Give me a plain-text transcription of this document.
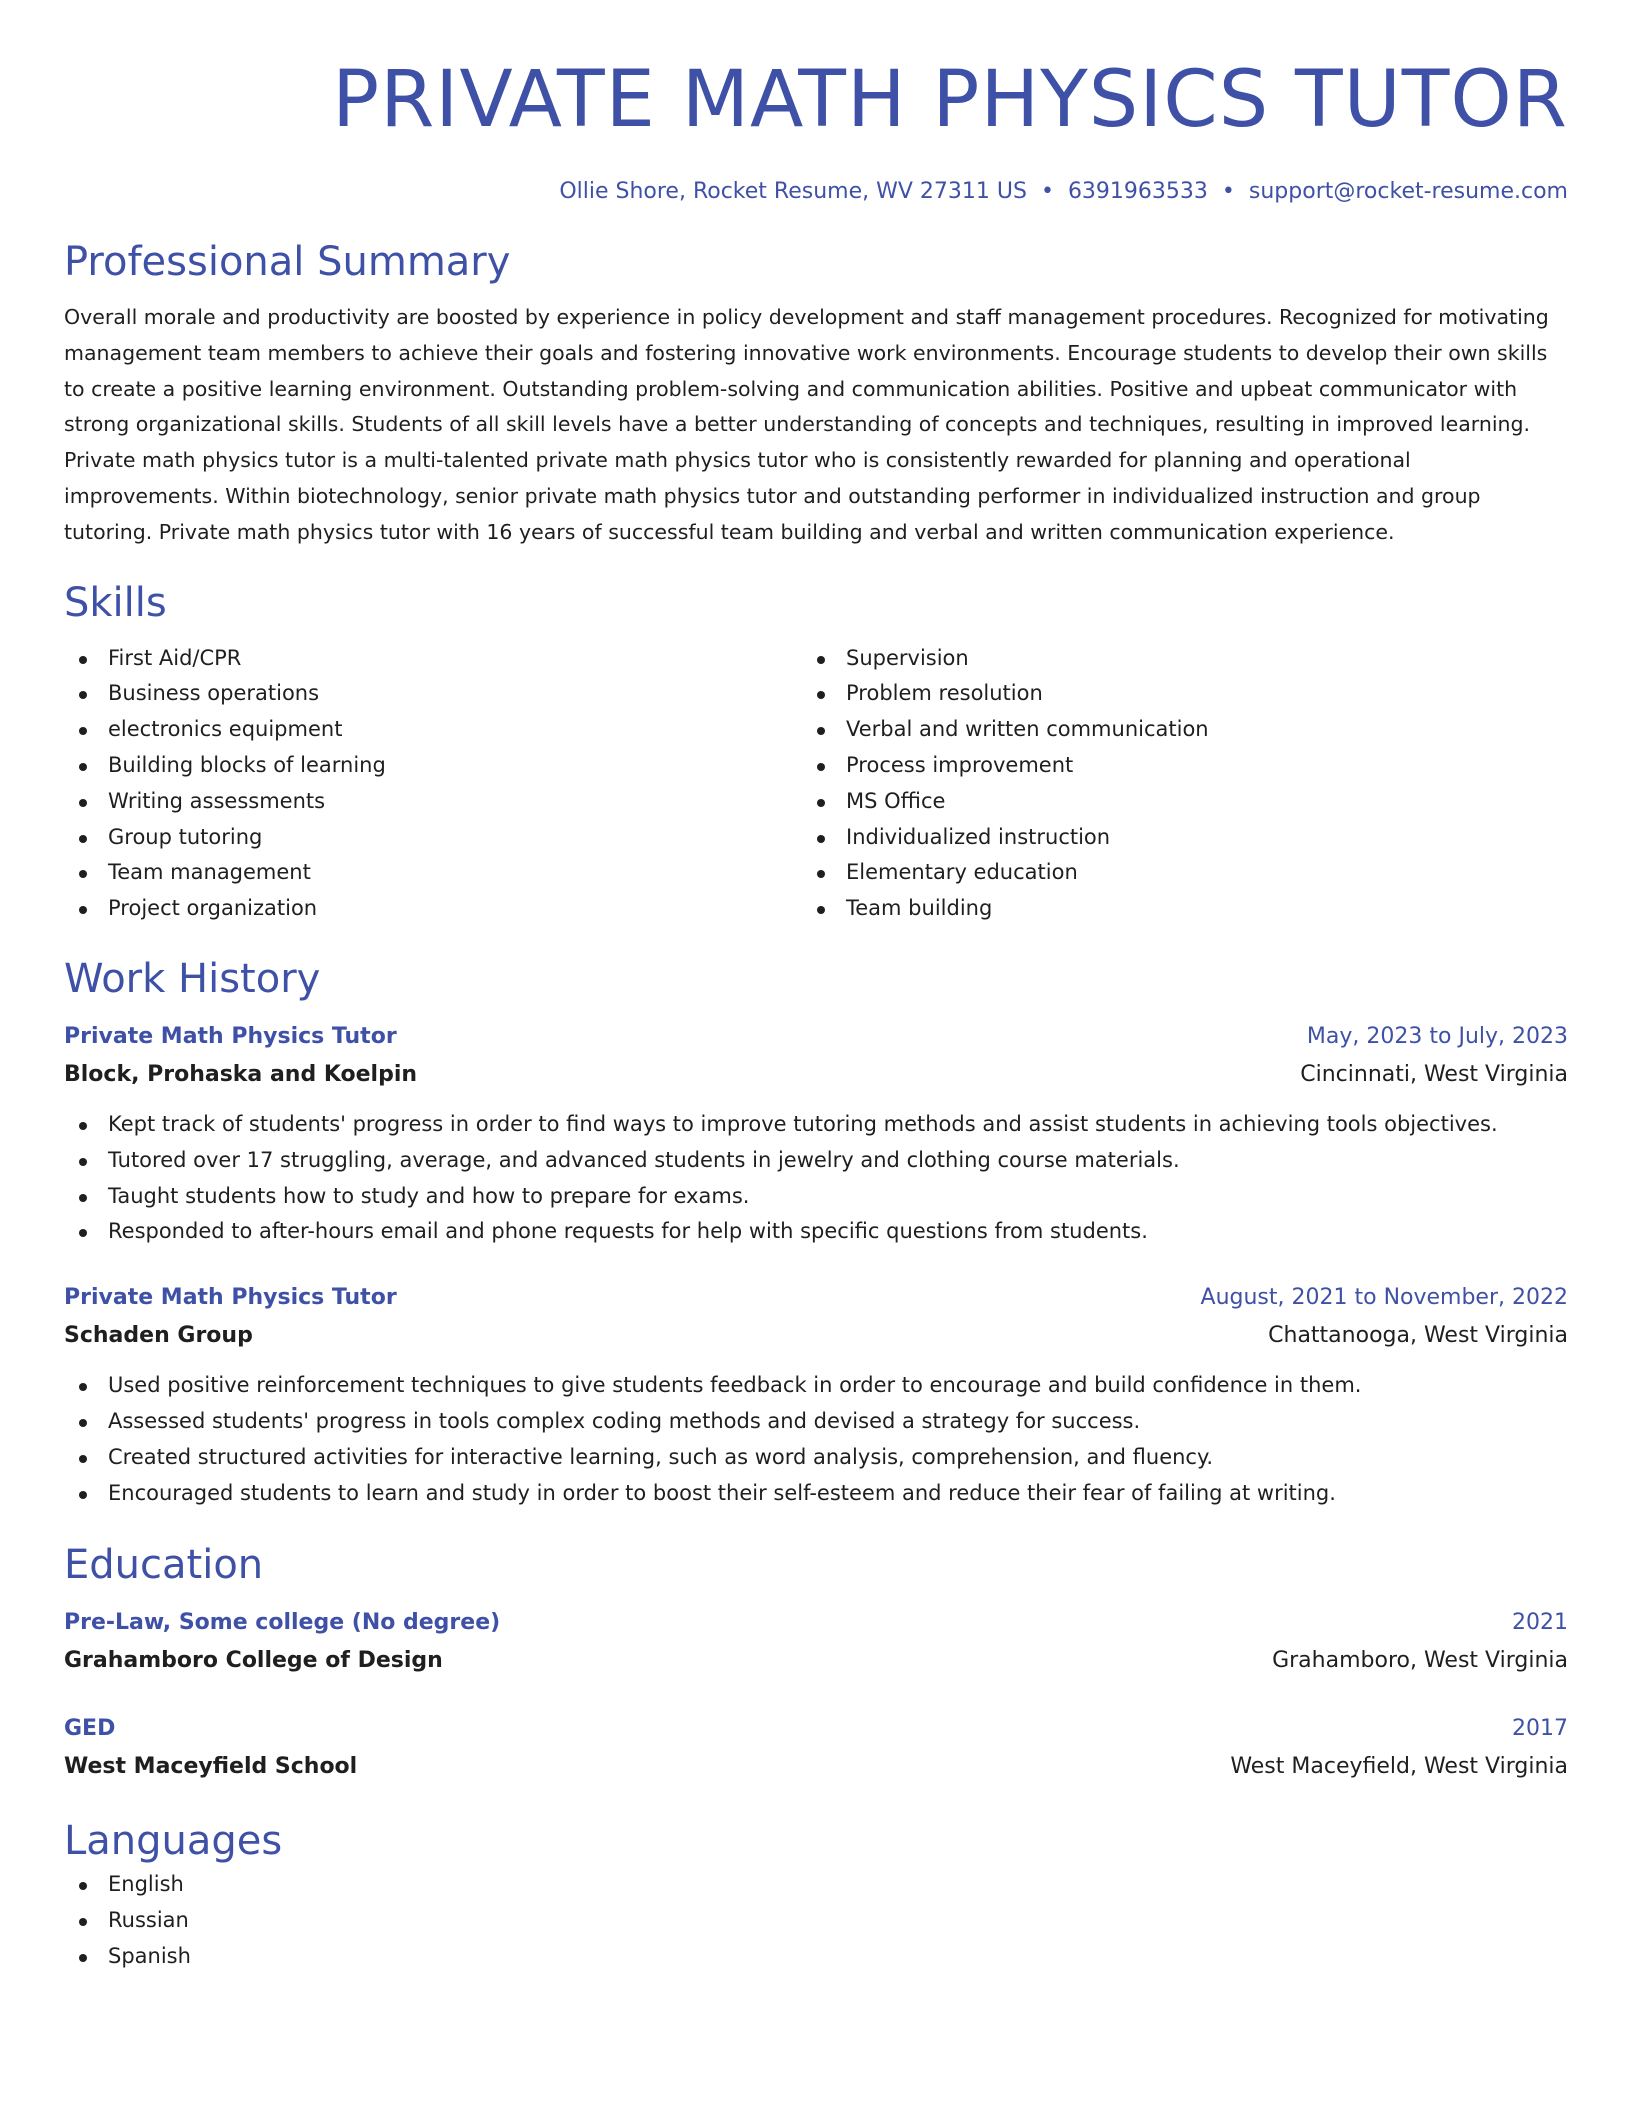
PRIVATE MATH PHYSICS TUTOR
Ollie Shore, Rocket Resume, WV 27311 US • 6391963533 • support@rocket-resume.com
Professional Summary
Overall morale and productivity are boosted by experience in policy development and staff management procedures. Recognized for motivating management team members to achieve their goals and fostering innovative work environments. Encourage students to develop their own skills to create a positive learning environment. Outstanding problem-solving and communication abilities. Positive and upbeat communicator with strong organizational skills. Students of all skill levels have a better understanding of concepts and techniques, resulting in improved learning. Private math physics tutor is a multi-talented private math physics tutor who is consistently rewarded for planning and operational improvements. Within biotechnology, senior private math physics tutor and outstanding performer in individualized instruction and group tutoring. Private math physics tutor with 16 years of successful team building and verbal and written communication experience.
Skills
First Aid/CPR
Business operations
electronics equipment
Building blocks of learning
Writing assessments
Group tutoring
Team management
Project organization
Supervision
Problem resolution
Verbal and written communication
Process improvement
MS Office
Individualized instruction
Elementary education
Team building
Work History
Private Math Physics Tutor	May, 2023 to July, 2023
Block, Prohaska and Koelpin	Cincinnati, West Virginia
Kept track of students' progress in order to find ways to improve tutoring methods and assist students in achieving tools objectives.
Tutored over 17 struggling, average, and advanced students in jewelry and clothing course materials.
Taught students how to study and how to prepare for exams.
Responded to after-hours email and phone requests for help with specific questions from students.
Private Math Physics Tutor	August, 2021 to November, 2022
Schaden Group	Chattanooga, West Virginia
Used positive reinforcement techniques to give students feedback in order to encourage and build confidence in them.
Assessed students' progress in tools complex coding methods and devised a strategy for success.
Created structured activities for interactive learning, such as word analysis, comprehension, and fluency.
Encouraged students to learn and study in order to boost their self-esteem and reduce their fear of failing at writing.
Education
Pre-Law, Some college (No degree)	2021
Grahamboro College of Design	Grahamboro, West Virginia
GED	2017
West Maceyfield School	West Maceyfield, West Virginia
Languages
English
Russian
Spanish
